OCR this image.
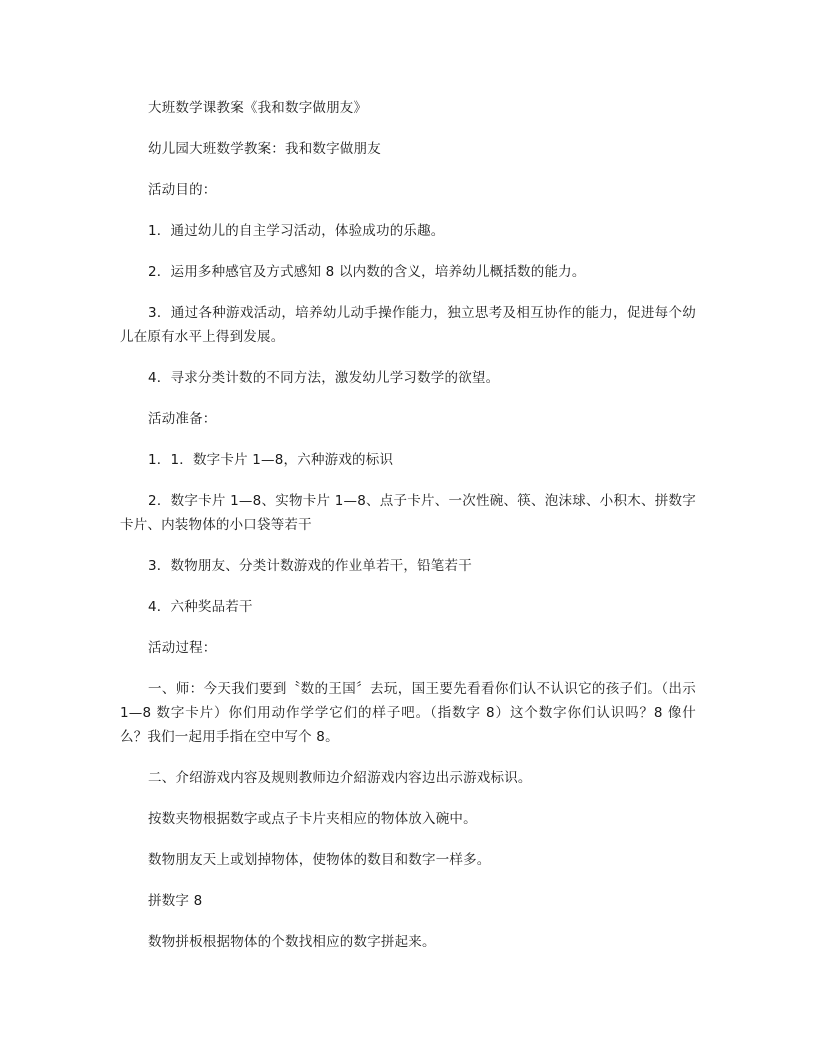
大班数学课教案《我和数字做朋友》

幼儿园大班数学教案：我和数字做朋友

活动目的：

1．通过幼儿的自主学习活动，体验成功的乐趣。

2．运用多种感官及方式感知 8 以内数的含义，培养幼儿概括数的能力。

3．通过各种游戏活动，培养幼儿动手操作能力，独立思考及相互协作的能力，促进每个幼儿在原有水平上得到发展。

4．寻求分类计数的不同方法，激发幼儿学习数学的欲望。

活动准备：

1．1．数字卡片 1—8，六种游戏的标识

2．数字卡片 1—8、实物卡片 1—8、点子卡片、一次性碗、筷、泡沫球、小积木、拼数字卡片、内装物体的小口袋等若干

3．数物朋友、分类计数游戏的作业单若干，铅笔若干

4．六种奖品若干

活动过程：

一、师：今天我们要到〝数的王国〞去玩，国王要先看看你们认不认识它的孩子们。（出示 1—8 数字卡片）你们用动作学学它们的样子吧。（指数字 8）这个数字你们认识吗？8 像什么？我们一起用手指在空中写个 8。

二、介绍游戏内容及规则教师边介紹游戏内容边出示游戏标识。

按数夹物根据数字或点子卡片夹相应的物体放入碗中。

数物朋友天上或划掉物体，使物体的数目和数字一样多。

拼数字 8

数物拼板根据物体的个数找相应的数字拼起来。
